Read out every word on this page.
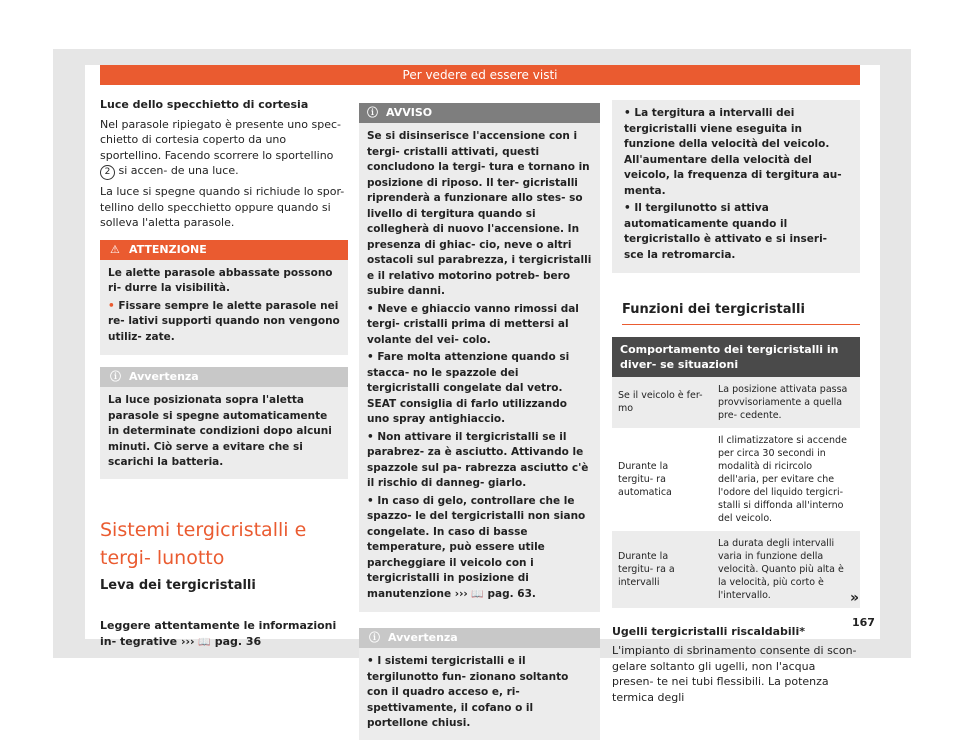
Per vedere ed essere visti

Luce dello specchietto di cortesia

Nel parasole ripiegato è presente uno spec- chietto di cortesia coperto da uno sportellino. Facendo scorrere lo sportellino 2 si accen- de una luce.

La luce si spegne quando si richiude lo spor- tellino dello specchietto oppure quando si solleva l'aletta parasole.

⚠ ATTENZIONE

Le alette parasole abbassate possono ri- durre la visibilità.

• Fissare sempre le alette parasole nei re- lativi supporti quando non vengono utiliz- zate.

ⓘ Avvertenza
La luce posizionata sopra l'aletta parasole si spegne automaticamente in determinate condizioni dopo alcuni minuti. Ciò serve a evitare che si scarichi la batteria.
Sistemi tergicristalli e tergi- lunotto
Leva dei tergicristalli

Leggere attentamente le informazioni in- tegrative ››› 📖 pag. 36

ⓘ AVVISO

Se si disinserisce l'accensione con i tergi- cristalli attivati, questi concludono la tergi- tura e tornano in posizione di riposo. Il ter- gicristalli riprenderà a funzionare allo stes- so livello di tergitura quando si collegherà di nuovo l'accensione. In presenza di ghiac- cio, neve o altri ostacoli sul parabrezza, i tergicristalli e il relativo motorino potreb- bero subire danni.

• Neve e ghiaccio vanno rimossi dal tergi- cristalli prima di mettersi al volante del vei- colo.

• Fare molta attenzione quando si stacca- no le spazzole dei tergicristalli congelate dal vetro. SEAT consiglia di farlo utilizzando uno spray antighiaccio.

• Non attivare il tergicristalli se il parabrez- za è asciutto. Attivando le spazzole sul pa- rabrezza asciutto c'è il rischio di danneg- giarlo.

• In caso di gelo, controllare che le spazzo- le del tergicristalli non siano congelate. In caso di basse temperature, può essere utile parcheggiare il veicolo con i tergicristalli in posizione di manutenzione ››› 📖 pag. 63.

ⓘ Avvertenza
• I sistemi tergicristalli e il tergilunotto fun- zionano soltanto con il quadro acceso e, ri- spettivamente, il cofano o il portellone chiusi.

• La tergitura a intervalli dei tergicristalli viene eseguita in funzione della velocità del veicolo. All'aumentare della velocità del veicolo, la frequenza di tergitura au- menta.

• Il tergilunotto si attiva automaticamente quando il tergicristallo è attivato e si inseri- sce la retromarcia.

Funzioni dei tergicristalli
Comportamento dei tergicristalli in diver- se situazioni
Se il veicolo è fer- mo	La posizione attivata passa provvisoriamente a quella pre- cedente.
Durante la tergitu- ra automatica	Il climatizzatore si accende per circa 30 secondi in modalità di ricircolo dell'aria, per evitare che l'odore del liquido tergicri- stalli si diffonda all'interno del veicolo.
Durante la tergitu- ra a intervalli	La durata degli intervalli varia in funzione della velocità. Quanto più alta è la velocità, più corto è l'intervallo.

Ugelli tergicristalli riscaldabili*

L'impianto di sbrinamento consente di scon- gelare soltanto gli ugelli, non l'acqua presen- te nei tubi flessibili. La potenza termica degli

»
167
